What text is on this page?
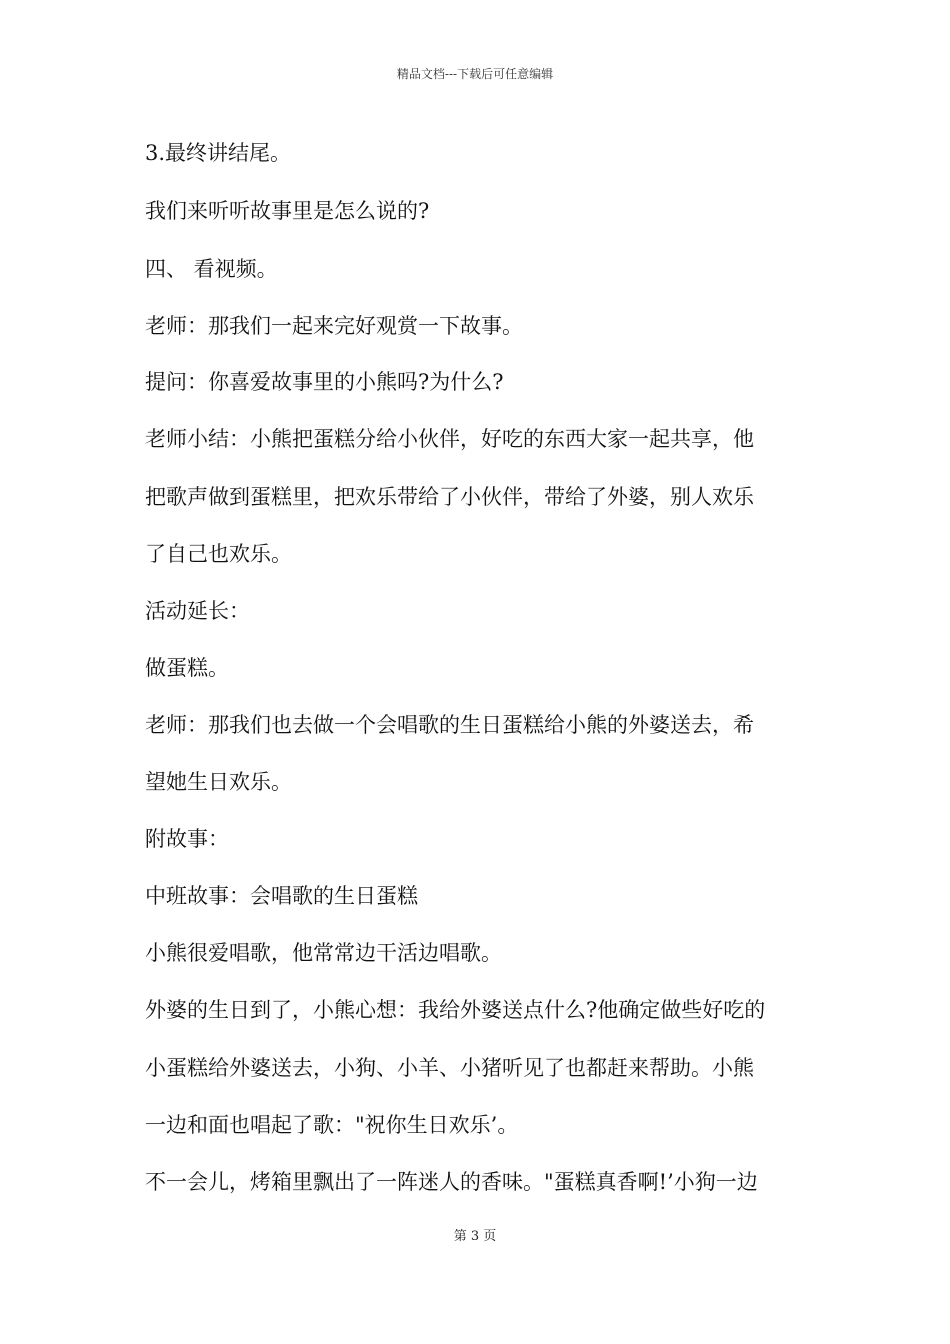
精品文档---下载后可任意编辑
3.最终讲结尾。
我们来听听故事里是怎么说的?
四、 看视频。
老师：那我们一起来完好观赏一下故事。
提问：你喜爱故事里的小熊吗?为什么?
老师小结：小熊把蛋糕分给小伙伴，好吃的东西大家一起共享，他
把歌声做到蛋糕里，把欢乐带给了小伙伴，带给了外婆，别人欢乐
了自己也欢乐。
活动延长：
做蛋糕。
老师：那我们也去做一个会唱歌的生日蛋糕给小熊的外婆送去，希
望她生日欢乐。
附故事：
中班故事：会唱歌的生日蛋糕
小熊很爱唱歌，他常常边干活边唱歌。
外婆的生日到了，小熊心想：我给外婆送点什么?他确定做些好吃的
小蛋糕给外婆送去，小狗、小羊、小猪听见了也都赶来帮助。小熊
一边和面也唱起了歌："祝你生日欢乐’。
不一会儿，烤箱里飘出了一阵迷人的香味。"蛋糕真香啊!’小狗一边
第 3 页
